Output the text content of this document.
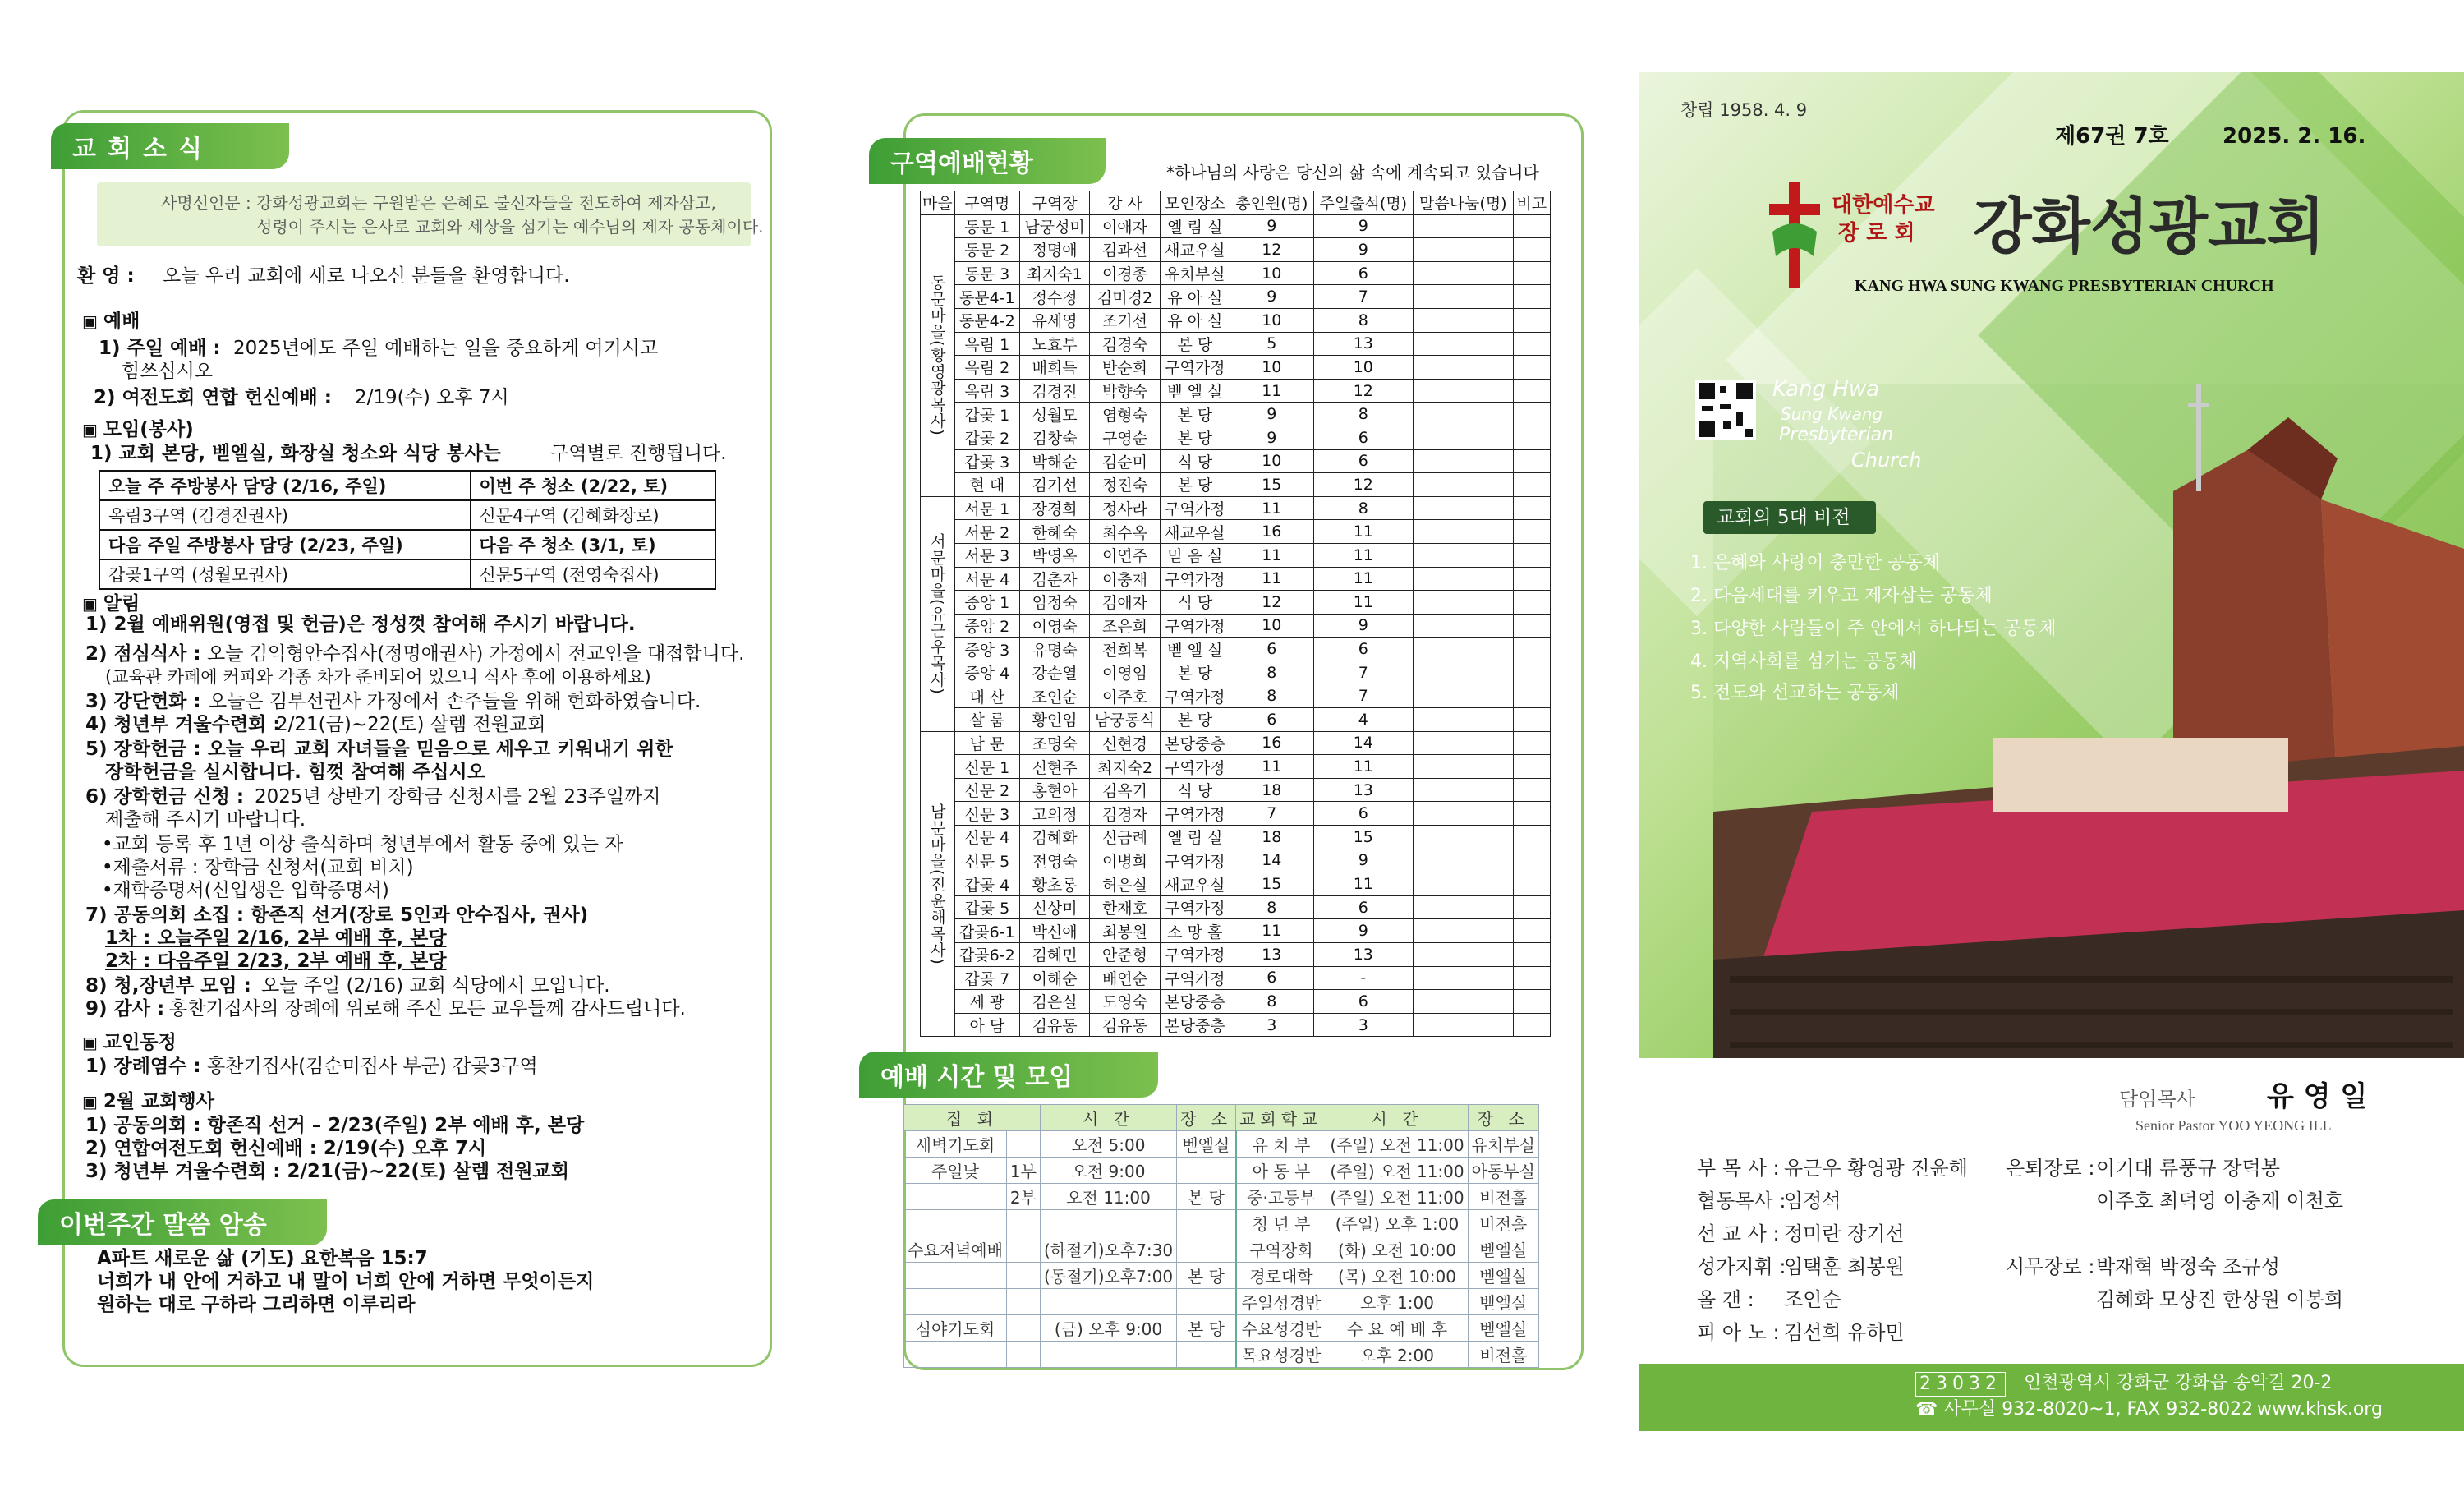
교회소식
사명선언문 : 강화성광교회는 구원받은 은혜로 불신자들을 전도하여 제자삼고,
성령이 주시는 은사로 교회와 세상을 섬기는 예수님의 제자 공동체이다.
환 영 : 오늘 우리 교회에 새로 나오신 분들을 환영합니다.
▣ 예배
1) 주일 예배 : 2025년에도 주일 예배하는 일을 중요하게 여기시고
힘쓰십시오
2) 여전도회 연합 헌신예배 : 2/19(수) 오후 7시
▣ 모임(봉사)
1) 교회 본당, 벧엘실, 화장실 청소와 식당 봉사는	구역별로 진행됩니다.
오늘 주 주방봉사 담당 (2/16, 주일)	이번 주 청소 (2/22, 토)
옥림3구역 (김경진권사)	신문4구역 (김혜화장로)
다음 주일 주방봉사 담당 (2/23, 주일)	다음 주 청소 (3/1, 토)
갑곶1구역 (성월모권사)	신문5구역 (전영숙집사)
▣ 알림
1) 2월 예배위원(영접 및 헌금)은 정성껏 참여해 주시기 바랍니다.
2) 점심식사 : 오늘 김익형안수집사(정명애권사) 가정에서 전교인을 대접합니다.
(교육관 카페에 커피와 각종 차가 준비되어 있으니 식사 후에 이용하세요)
3) 강단헌화 : 오늘은 김부선권사 가정에서 손주들을 위해 헌화하였습니다.
4) 청년부 겨울수련회 :
2/21(금)~22(토) 살렘 전원교회
5) 장학헌금 : 오늘 우리 교회 자녀들을 믿음으로 세우고 키워내기 위한
장학헌금을 실시합니다. 힘껏 참여해 주십시오
6) 장학헌금 신청 : 2025년 상반기 장학금 신청서를 2월 23주일까지
제출해 주시기 바랍니다.
•교회 등록 후 1년 이상 출석하며 청년부에서 활동 중에 있는 자
•제출서류 : 장학금 신청서(교회 비치)
•재학증명서(신입생은 입학증명서)
7) 공동의회 소집 : 항존직 선거(장로 5인과 안수집사, 권사)
1차 : 오늘주일 2/16, 2부 예배 후, 본당
2차 : 다음주일 2/23, 2부 예배 후, 본당
8) 청,장년부 모임 : 오늘 주일 (2/16) 교회 식당에서 모입니다.
9) 감사 : 홍찬기집사의 장례에 위로해 주신 모든 교우들께 감사드립니다.
▣ 교인동정
1) 장례염수 : 홍찬기집사(김순미집사 부군) 갑곶3구역
▣ 2월 교회행사
1) 공동의회 : 항존직 선거 – 2/23(주일) 2부 예배 후, 본당
2) 연합여전도회 헌신예배 : 2/19(수) 오후 7시
3) 청년부 겨울수련회 : 2/21(금)~22(토) 살렘 전원교회
이번주간 말씀 암송
A파트 새로운 삶 (기도) 요한복음 15:7
너희가 내 안에 거하고 내 말이 너희 안에 거하면 무엇이든지
원하는 대로 구하라 그리하면 이루리라
구역예배현황	*하나님의 사랑은 당신의 삶 속에 계속되고 있습니다
마을	구역명	구역장	강 사	모인장소	총인원(명)	주일출석(명)	말씀나눔(명)	비고
동문마을(황영광목사)	동문 1	남궁성미	이애자	엘 림 실	9	9		
	동문 2	정명애	김과선	새교우실	12	9		
	동문 3	최지숙1	이경종	유치부실	10	6		
	동문4-1	정수정	김미경2	유 아 실	9	7		
	동문4-2	유세영	조기선	유 아 실	10	8		
	옥림 1	노효부	김경숙	본 당	5	13		
	옥림 2	배희득	반순희	구역가정	10	10		
	옥림 3	김경진	박향숙	벧 엘 실	11	12		
	갑곶 1	성월모	염형숙	본 당	9	8		
	갑곶 2	김창숙	구영순	본 당	9	6		
	갑곶 3	박해순	김순미	식 당	10	6		
	현 대	김기선	정진숙	본 당	15	12		
서문마을(유근우목사)	서문 1	장경희	정사라	구역가정	11	8		
	서문 2	한혜숙	최수옥	새교우실	16	11		
	서문 3	박영옥	이연주	믿 음 실	11	11		
	서문 4	김춘자	이충재	구역가정	11	11		
	중앙 1	임정숙	김애자	식 당	12	11		
	중앙 2	이영숙	조은희	구역가정	10	9		
	중앙 3	유명숙	전희복	벧 엘 실	6	6		
	중앙 4	강순열	이영임	본 당	8	7		
	대 산	조인순	이주호	구역가정	8	7		
	살 룸	황인임	남궁동식	본 당	6	4		
남문마을(진윤해목사)	남 문	조명숙	신현경	본당중층	16	14		
	신문 1	신현주	최지숙2	구역가정	11	11		
	신문 2	홍현아	김옥기	식 당	18	13		
	신문 3	고의정	김경자	구역가정	7	6		
	신문 4	김혜화	신금례	엘 림 실	18	15		
	신문 5	전영숙	이병희	구역가정	14	9		
	갑곶 4	황초롱	허은실	새교우실	15	11		
	갑곶 5	신상미	한재호	구역가정	8	6		
	갑곶6-1	박신애	최봉원	소 망 홀	11	9		
	갑곶6-2	김혜민	안준형	구역가정	13	13		
	갑곶 7	이해순	배연순	구역가정	6	-		
	세 광	김은실	도영숙	본당중층	8	6		
	아 담	김유동	김유동	본당중층	3	3		
예배 시간 및 모임
집 회		시 간	장 소	교회학교	시 간	장 소
새벽기도회		오전 5:00	벧엘실	유 치 부	(주일) 오전 11:00	유치부실
주일낮	1부	오전 9:00		아 동 부	(주일) 오전 11:00	아동부실
	2부	오전 11:00	본 당	중·고등부	(주일) 오전 11:00	비전홀
				청 년 부	(주일) 오후 1:00	비전홀
수요저녁예배		(하절기)오후7:30		구역장회	(화) 오전 10:00	벧엘실
		(동절기)오후7:00	본 당	경로대학	(목) 오전 10:00	벧엘실
				주일성경반	오후 1:00	벧엘실
심야기도회		(금) 오후 9:00	본 당	수요성경반	수 요 예 배 후	벧엘실
				목요성경반	오후 2:00	비전홀
창립 1958. 4. 9
제67권 7호	2025. 2. 16.
대한예수교
장 로 회 강화성광교회
KANG HWA SUNG KWANG PRESBYTERIAN CHURCH
Kang Hwa
Sung Kwang
Presbyterian
Church
교회의 5대 비전
1. 은혜와 사랑이 충만한 공동체
2. 다음세대를 키우고 제자삼는 공동체
3. 다양한 사람들이 주 안에서 하나되는 공동체
4. 지역사회를 섬기는 공동체
5. 전도와 선교하는 공동체
담임목사	유 영 일
Senior Pastor YOO YEONG ILL
부 목 사 : 유근우 황영광 진윤해
협동목사 :
임정석
선 교 사 : 정미란 장기선
성가지휘 :
임택훈 최봉원
올 갠 : 조인순
피 아 노 : 김선희 유하민
은퇴장로 : 이기대 류풍규 장덕봉
이주호 최덕영 이충재 이천호
시무장로 : 박재혁 박정숙 조규성
김혜화 모상진 한상원 이봉희
23032 인천광역시 강화군 강화읍 송악길 20-2
☎ 사무실 932-8020~1, FAX 932-8022 www.khsk.org
